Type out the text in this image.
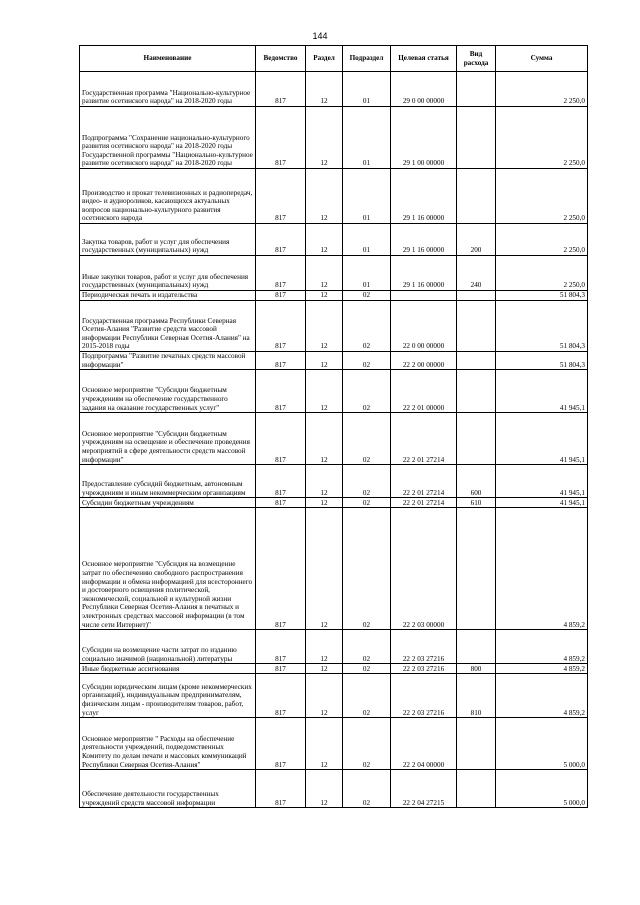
144
Наименование	Ведомство	Раздел	Подраздел	Целевая статья	Вид расхода	Сумма
Государственная программа "Национально-культурное развитие осетинского народа" на 2018-2020 годы	817	12	01	29 0 00 00000		2 250,0
Подпрограмма "Сохранение национально-культурного развития осетинского народа" на 2018-2020 годы Государственной программы "Национально-культурное развитие осетинского народа" на 2018-2020 годы	817	12	01	29 1 00 00000		2 250,0
Производство и прокат телевизионных и радиопередач, видео- и аудиороликов, касающихся актуальных вопросов национально-культурного развития осетинского народа	817	12	01	29 1 16 00000		2 250,0
Закупка товаров, работ и услуг для обеспечения государственных (муниципальных) нужд	817	12	01	29 1 16 00000	200	2 250,0
Иные закупки товаров, работ и услуг для обеспечения государственных (муниципальных) нужд	817	12	01	29 1 16 00000	240	2 250,0
Периодическая печать и издательства	817	12	02			51 804,3
Государственная программа Республики Северная Осетия-Алания "Развитие средств массовой информации Республики Северная Осетия-Алания" на 2015-2018 годы	817	12	02	22 0 00 00000		51 804,3
Подпрограмма "Развитие печатных средств массовой информации"	817	12	02	22 2 00 00000		51 804,3
Основное мероприятие "Субсидии бюджетным учреждениям на обеспечение государственного задания на оказание государственных услуг"	817	12	02	22 2 01 00000		41 945,1
Основное мероприятие "Субсидии бюджетным учреждениям на освещение и обеспечение проведения мероприятий в сфере деятельности средств массовой информации"	817	12	02	22 2 01 27214		41 945,1
Предоставление субсидий бюджетным, автономным учреждениям и иным некоммерческим организациям	817	12	02	22 2 01 27214	600	41 945,1
Субсидии бюджетным учреждениям	817	12	02	22 2 01 27214	610	41 945,1
Основное мероприятие "Субсидия на возмещение затрат по обеспечению свободного распространения информации и обмена информацией для всестороннего и достоверного освещения политической, экономической, социальной и культурной жизни Республики Северная Осетия-Алания в печатных и электронных средствах массовой информации (в том числе сети Интернет)"	817	12	02	22 2 03 00000		4 859,2
Субсидии на возмещение части затрат по изданию социально значимой (национальной) литературы	817	12	02	22 2 03 27216		4 859,2
Иные бюджетные ассигнования	817	12	02	22 2 03 27216	800	4 859,2
Субсидии юридическим лицам (кроме некоммерческих организаций), индивидуальным предпринимателям, физическим лицам - производителям товаров, работ, услуг	817	12	02	22 2 03 27216	810	4 859,2
Основное мероприятие " Расходы на обеспечение деятельности учреждений, подведомственных Комитету по делам печати и массовых коммуникаций Республики Северная Осетия-Алания"	817	12	02	22 2 04 00000		5 000,0
Обеспечение деятельности государственных учреждений средств массовой информации	817	12	02	22 2 04 27215		5 000,0
